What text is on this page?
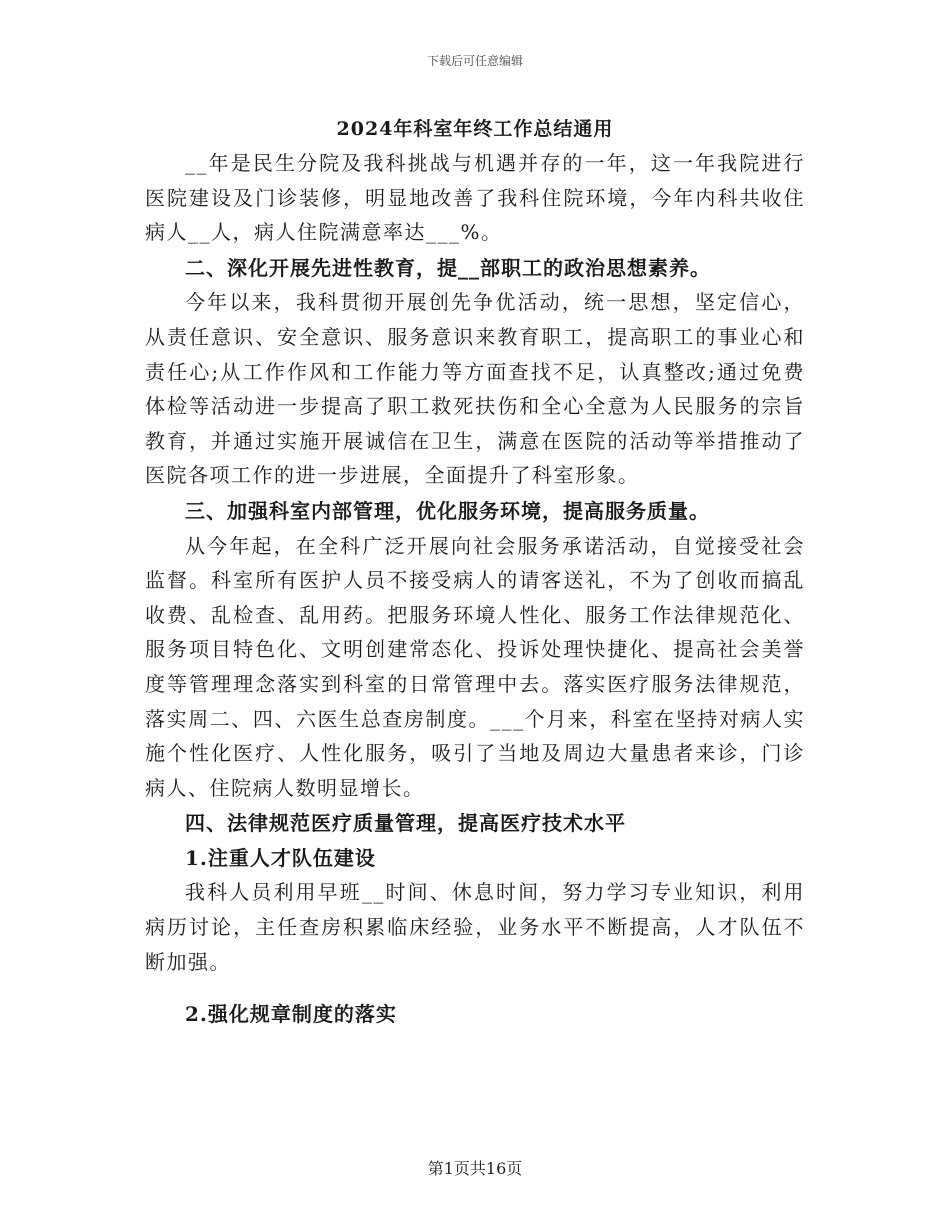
下载后可任意编辑
2024年科室年终工作总结通用

__年是民生分院及我科挑战与机遇并存的一年，这一年我院进行医院建设及门诊装修，明显地改善了我科住院环境，今年内科共收住病人__人，病人住院满意率达___%。

二、深化开展先进性教育，提__部职工的政治思想素养。

今年以来，我科贯彻开展创先争优活动，统一思想，坚定信心，从责任意识、安全意识、服务意识来教育职工，提高职工的事业心和责任心;从工作作风和工作能力等方面查找不足，认真整改;通过免费体检等活动进一步提高了职工救死扶伤和全心全意为人民服务的宗旨教育，并通过实施开展诚信在卫生，满意在医院的活动等举措推动了医院各项工作的进一步进展，全面提升了科室形象。

三、加强科室内部管理，优化服务环境，提高服务质量。

从今年起，在全科广泛开展向社会服务承诺活动，自觉接受社会监督。科室所有医护人员不接受病人的请客送礼，不为了创收而搞乱收费、乱检查、乱用药。把服务环境人性化、服务工作法律规范化、服务项目特色化、文明创建常态化、投诉处理快捷化、提高社会美誉度等管理理念落实到科室的日常管理中去。落实医疗服务法律规范，落实周二、四、六医生总查房制度。___个月来，科室在坚持对病人实施个性化医疗、人性化服务，吸引了当地及周边大量患者来诊，门诊病人、住院病人数明显增长。

四、法律规范医疗质量管理，提高医疗技术水平

1.注重人才队伍建设

我科人员利用早班__时间、休息时间，努力学习专业知识，利用病历讨论，主任查房积累临床经验，业务水平不断提高，人才队伍不断加强。

2.强化规章制度的落实

第1页共16页
